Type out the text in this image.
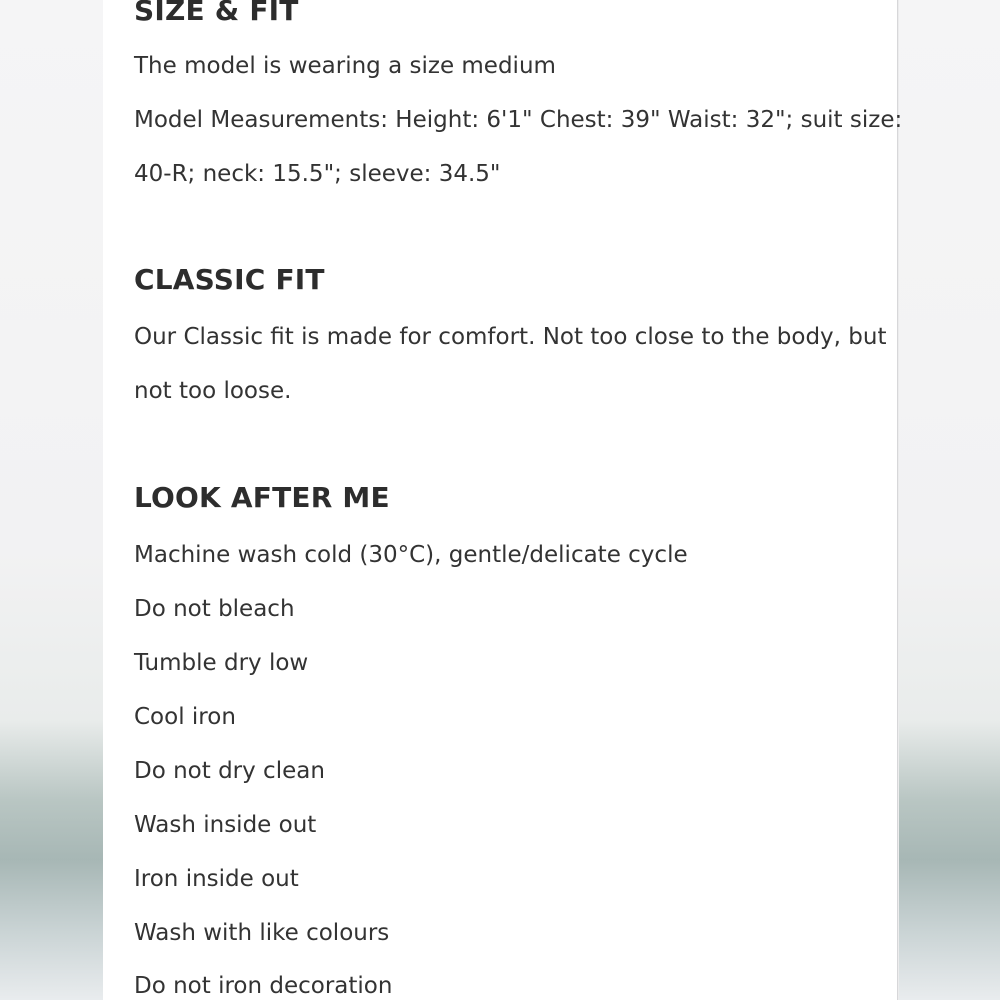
SIZE & FIT

The model is wearing a size medium

Model Measurements: Height: 6'1" Chest: 39" Waist: 32"; suit size:

40-R; neck: 15.5"; sleeve: 34.5"

CLASSIC FIT

Our Classic fit is made for comfort. Not too close to the body, but

not too loose.

LOOK AFTER ME

Machine wash cold (30°C), gentle/delicate cycle

Do not bleach

Tumble dry low

Cool iron

Do not dry clean

Wash inside out

Iron inside out

Wash with like colours

Do not iron decoration
